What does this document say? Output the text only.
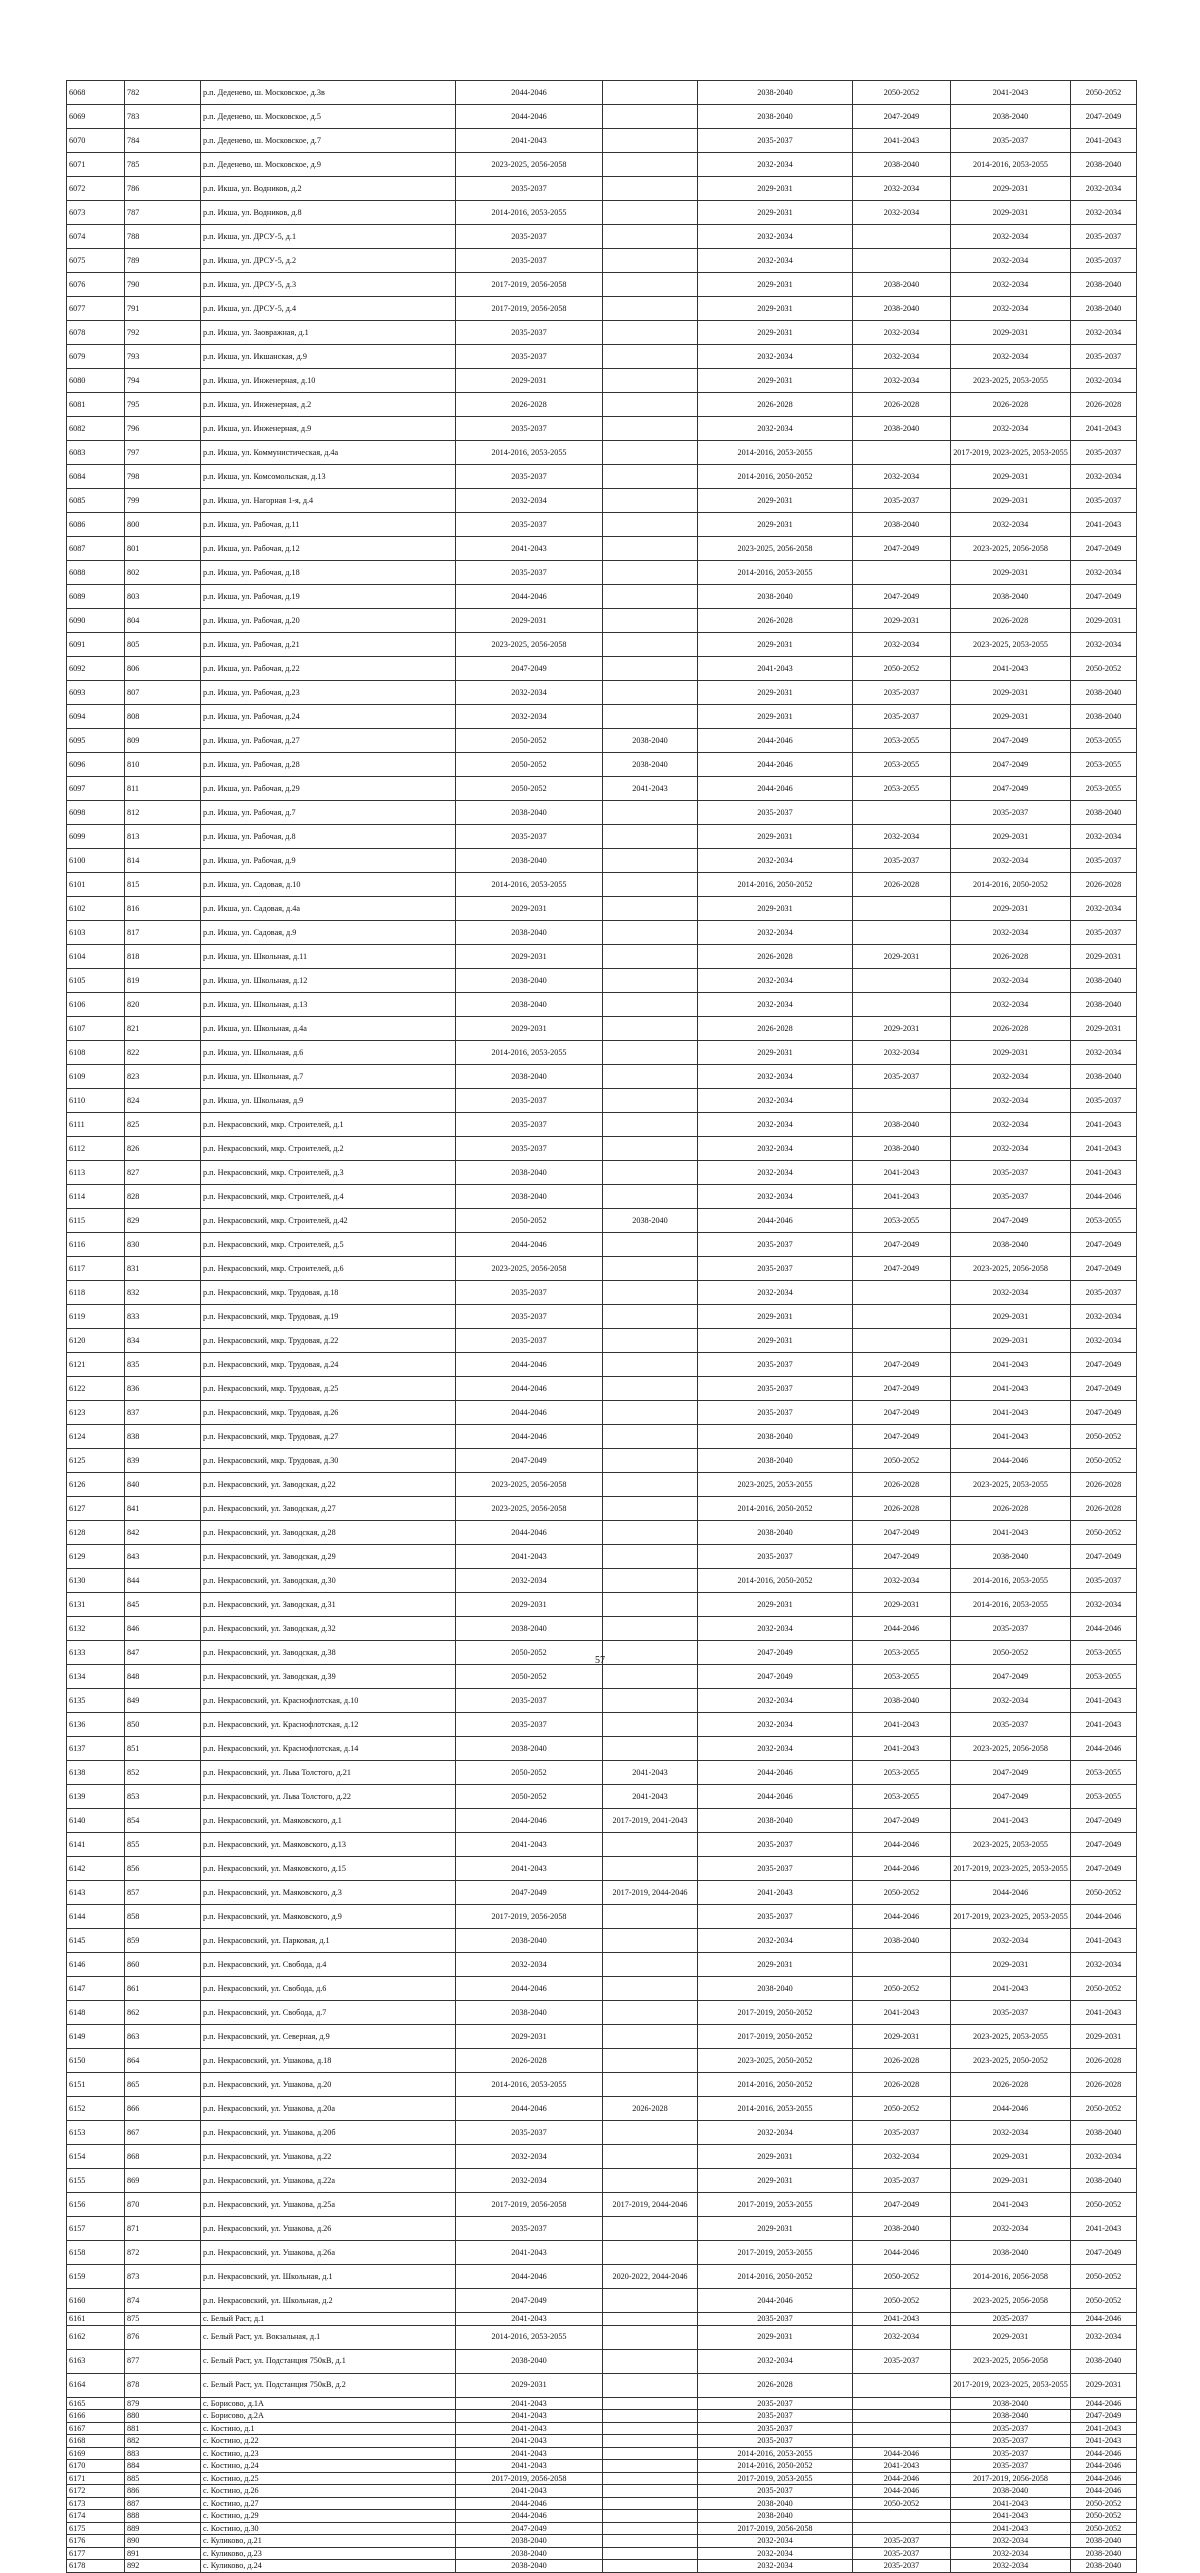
6068	782	р.п. Деденево, ш. Московское, д.3в	2044-2046		2038-2040	2050-2052	2041-2043	2050-2052
6069	783	р.п. Деденево, ш. Московское, д.5	2044-2046		2038-2040	2047-2049	2038-2040	2047-2049
6070	784	р.п. Деденево, ш. Московское, д.7	2041-2043		2035-2037	2041-2043	2035-2037	2041-2043
6071	785	р.п. Деденево, ш. Московское, д.9	2023-2025, 2056-2058		2032-2034	2038-2040	2014-2016, 2053-2055	2038-2040
6072	786	р.п. Икша, ул. Водников, д.2	2035-2037		2029-2031	2032-2034	2029-2031	2032-2034
6073	787	р.п. Икша, ул. Водников, д.8	2014-2016, 2053-2055		2029-2031	2032-2034	2029-2031	2032-2034
6074	788	р.п. Икша, ул. ДРСУ-5, д.1	2035-2037		2032-2034		2032-2034	2035-2037
6075	789	р.п. Икша, ул. ДРСУ-5, д.2	2035-2037		2032-2034		2032-2034	2035-2037
6076	790	р.п. Икша, ул. ДРСУ-5, д.3	2017-2019, 2056-2058		2029-2031	2038-2040	2032-2034	2038-2040
6077	791	р.п. Икша, ул. ДРСУ-5, д.4	2017-2019, 2056-2058		2029-2031	2038-2040	2032-2034	2038-2040
6078	792	р.п. Икша, ул. Заовражная, д.1	2035-2037		2029-2031	2032-2034	2029-2031	2032-2034
6079	793	р.п. Икша, ул. Икшанская, д.9	2035-2037		2032-2034	2032-2034	2032-2034	2035-2037
6080	794	р.п. Икша, ул. Инженерная, д.10	2029-2031		2029-2031	2032-2034	2023-2025, 2053-2055	2032-2034
6081	795	р.п. Икша, ул. Инженерная, д.2	2026-2028		2026-2028	2026-2028	2026-2028	2026-2028
6082	796	р.п. Икша, ул. Инженерная, д.9	2035-2037		2032-2034	2038-2040	2032-2034	2041-2043
6083	797	р.п. Икша, ул. Коммунистическая, д.4а	2014-2016, 2053-2055		2014-2016, 2053-2055		2017-2019, 2023-2025, 2053-2055	2035-2037
6084	798	р.п. Икша, ул. Комсомольская, д.13	2035-2037		2014-2016, 2050-2052	2032-2034	2029-2031	2032-2034
6085	799	р.п. Икша, ул. Нагорная 1-я, д.4	2032-2034		2029-2031	2035-2037	2029-2031	2035-2037
6086	800	р.п. Икша, ул. Рабочая, д.11	2035-2037		2029-2031	2038-2040	2032-2034	2041-2043
6087	801	р.п. Икша, ул. Рабочая, д.12	2041-2043		2023-2025, 2056-2058	2047-2049	2023-2025, 2056-2058	2047-2049
6088	802	р.п. Икша, ул. Рабочая, д.18	2035-2037		2014-2016, 2053-2055		2029-2031	2032-2034
6089	803	р.п. Икша, ул. Рабочая, д.19	2044-2046		2038-2040	2047-2049	2038-2040	2047-2049
6090	804	р.п. Икша, ул. Рабочая, д.20	2029-2031		2026-2028	2029-2031	2026-2028	2029-2031
6091	805	р.п. Икша, ул. Рабочая, д.21	2023-2025, 2056-2058		2029-2031	2032-2034	2023-2025, 2053-2055	2032-2034
6092	806	р.п. Икша, ул. Рабочая, д.22	2047-2049		2041-2043	2050-2052	2041-2043	2050-2052
6093	807	р.п. Икша, ул. Рабочая, д.23	2032-2034		2029-2031	2035-2037	2029-2031	2038-2040
6094	808	р.п. Икша, ул. Рабочая, д.24	2032-2034		2029-2031	2035-2037	2029-2031	2038-2040
6095	809	р.п. Икша, ул. Рабочая, д.27	2050-2052	2038-2040	2044-2046	2053-2055	2047-2049	2053-2055
6096	810	р.п. Икша, ул. Рабочая, д.28	2050-2052	2038-2040	2044-2046	2053-2055	2047-2049	2053-2055
6097	811	р.п. Икша, ул. Рабочая, д.29	2050-2052	2041-2043	2044-2046	2053-2055	2047-2049	2053-2055
6098	812	р.п. Икша, ул. Рабочая, д.7	2038-2040		2035-2037		2035-2037	2038-2040
6099	813	р.п. Икша, ул. Рабочая, д.8	2035-2037		2029-2031	2032-2034	2029-2031	2032-2034
6100	814	р.п. Икша, ул. Рабочая, д.9	2038-2040		2032-2034	2035-2037	2032-2034	2035-2037
6101	815	р.п. Икша, ул. Садовая, д.10	2014-2016, 2053-2055		2014-2016, 2050-2052	2026-2028	2014-2016, 2050-2052	2026-2028
6102	816	р.п. Икша, ул. Садовая, д.4а	2029-2031		2029-2031		2029-2031	2032-2034
6103	817	р.п. Икша, ул. Садовая, д.9	2038-2040		2032-2034		2032-2034	2035-2037
6104	818	р.п. Икша, ул. Школьная, д.11	2029-2031		2026-2028	2029-2031	2026-2028	2029-2031
6105	819	р.п. Икша, ул. Школьная, д.12	2038-2040		2032-2034		2032-2034	2038-2040
6106	820	р.п. Икша, ул. Школьная, д.13	2038-2040		2032-2034		2032-2034	2038-2040
6107	821	р.п. Икша, ул. Школьная, д.4а	2029-2031		2026-2028	2029-2031	2026-2028	2029-2031
6108	822	р.п. Икша, ул. Школьная, д.6	2014-2016, 2053-2055		2029-2031	2032-2034	2029-2031	2032-2034
6109	823	р.п. Икша, ул. Школьная, д.7	2038-2040		2032-2034	2035-2037	2032-2034	2038-2040
6110	824	р.п. Икша, ул. Школьная, д.9	2035-2037		2032-2034		2032-2034	2035-2037
6111	825	р.п. Некрасовский, мкр. Строителей, д.1	2035-2037		2032-2034	2038-2040	2032-2034	2041-2043
6112	826	р.п. Некрасовский, мкр. Строителей, д.2	2035-2037		2032-2034	2038-2040	2032-2034	2041-2043
6113	827	р.п. Некрасовский, мкр. Строителей, д.3	2038-2040		2032-2034	2041-2043	2035-2037	2041-2043
6114	828	р.п. Некрасовский, мкр. Строителей, д.4	2038-2040		2032-2034	2041-2043	2035-2037	2044-2046
6115	829	р.п. Некрасовский, мкр. Строителей, д.42	2050-2052	2038-2040	2044-2046	2053-2055	2047-2049	2053-2055
6116	830	р.п. Некрасовский, мкр. Строителей, д.5	2044-2046		2035-2037	2047-2049	2038-2040	2047-2049
6117	831	р.п. Некрасовский, мкр. Строителей, д.6	2023-2025, 2056-2058		2035-2037	2047-2049	2023-2025, 2056-2058	2047-2049
6118	832	р.п. Некрасовский, мкр. Трудовая, д.18	2035-2037		2032-2034		2032-2034	2035-2037
6119	833	р.п. Некрасовский, мкр. Трудовая, д.19	2035-2037		2029-2031		2029-2031	2032-2034
6120	834	р.п. Некрасовский, мкр. Трудовая, д.22	2035-2037		2029-2031		2029-2031	2032-2034
6121	835	р.п. Некрасовский, мкр. Трудовая, д.24	2044-2046		2035-2037	2047-2049	2041-2043	2047-2049
6122	836	р.п. Некрасовский, мкр. Трудовая, д.25	2044-2046		2035-2037	2047-2049	2041-2043	2047-2049
6123	837	р.п. Некрасовский, мкр. Трудовая, д.26	2044-2046		2035-2037	2047-2049	2041-2043	2047-2049
6124	838	р.п. Некрасовский, мкр. Трудовая, д.27	2044-2046		2038-2040	2047-2049	2041-2043	2050-2052
6125	839	р.п. Некрасовский, мкр. Трудовая, д.30	2047-2049		2038-2040	2050-2052	2044-2046	2050-2052
6126	840	р.п. Некрасовский, ул. Заводская, д.22	2023-2025, 2056-2058		2023-2025, 2053-2055	2026-2028	2023-2025, 2053-2055	2026-2028
6127	841	р.п. Некрасовский, ул. Заводская, д.27	2023-2025, 2056-2058		2014-2016, 2050-2052	2026-2028	2026-2028	2026-2028
6128	842	р.п. Некрасовский, ул. Заводская, д.28	2044-2046		2038-2040	2047-2049	2041-2043	2050-2052
6129	843	р.п. Некрасовский, ул. Заводская, д.29	2041-2043		2035-2037	2047-2049	2038-2040	2047-2049
6130	844	р.п. Некрасовский, ул. Заводская, д.30	2032-2034		2014-2016, 2050-2052	2032-2034	2014-2016, 2053-2055	2035-2037
6131	845	р.п. Некрасовский, ул. Заводская, д.31	2029-2031		2029-2031	2029-2031	2014-2016, 2053-2055	2032-2034
6132	846	р.п. Некрасовский, ул. Заводская, д.32	2038-2040		2032-2034	2044-2046	2035-2037	2044-2046
6133	847	р.п. Некрасовский, ул. Заводская, д.38	2050-2052		2047-2049	2053-2055	2050-2052	2053-2055
6134	848	р.п. Некрасовский, ул. Заводская, д.39	2050-2052		2047-2049	2053-2055	2047-2049	2053-2055
6135	849	р.п. Некрасовский, ул. Краснофлотская, д.10	2035-2037		2032-2034	2038-2040	2032-2034	2041-2043
6136	850	р.п. Некрасовский, ул. Краснофлотская, д.12	2035-2037		2032-2034	2041-2043	2035-2037	2041-2043
6137	851	р.п. Некрасовский, ул. Краснофлотская, д.14	2038-2040		2032-2034	2041-2043	2023-2025, 2056-2058	2044-2046
6138	852	р.п. Некрасовский, ул. Льва Толстого, д.21	2050-2052	2041-2043	2044-2046	2053-2055	2047-2049	2053-2055
6139	853	р.п. Некрасовский, ул. Льва Толстого, д.22	2050-2052	2041-2043	2044-2046	2053-2055	2047-2049	2053-2055
6140	854	р.п. Некрасовский, ул. Маяковского, д.1	2044-2046	2017-2019, 2041-2043	2038-2040	2047-2049	2041-2043	2047-2049
6141	855	р.п. Некрасовский, ул. Маяковского, д.13	2041-2043		2035-2037	2044-2046	2023-2025, 2053-2055	2047-2049
6142	856	р.п. Некрасовский, ул. Маяковского, д.15	2041-2043		2035-2037	2044-2046	2017-2019, 2023-2025, 2053-2055	2047-2049
6143	857	р.п. Некрасовский, ул. Маяковского, д.3	2047-2049	2017-2019, 2044-2046	2041-2043	2050-2052	2044-2046	2050-2052
6144	858	р.п. Некрасовский, ул. Маяковского, д.9	2017-2019, 2056-2058		2035-2037	2044-2046	2017-2019, 2023-2025, 2053-2055	2044-2046
6145	859	р.п. Некрасовский, ул. Парковая, д.1	2038-2040		2032-2034	2038-2040	2032-2034	2041-2043
6146	860	р.п. Некрасовский, ул. Свобода, д.4	2032-2034		2029-2031		2029-2031	2032-2034
6147	861	р.п. Некрасовский, ул. Свобода, д.6	2044-2046		2038-2040	2050-2052	2041-2043	2050-2052
6148	862	р.п. Некрасовский, ул. Свобода, д.7	2038-2040		2017-2019, 2050-2052	2041-2043	2035-2037	2041-2043
6149	863	р.п. Некрасовский, ул. Северная, д.9	2029-2031		2017-2019, 2050-2052	2029-2031	2023-2025, 2053-2055	2029-2031
6150	864	р.п. Некрасовский, ул. Ушакова, д.18	2026-2028		2023-2025, 2050-2052	2026-2028	2023-2025, 2050-2052	2026-2028
6151	865	р.п. Некрасовский, ул. Ушакова, д.20	2014-2016, 2053-2055		2014-2016, 2050-2052	2026-2028	2026-2028	2026-2028
6152	866	р.п. Некрасовский, ул. Ушакова, д.20а	2044-2046	2026-2028	2014-2016, 2053-2055	2050-2052	2044-2046	2050-2052
6153	867	р.п. Некрасовский, ул. Ушакова, д.20б	2035-2037		2032-2034	2035-2037	2032-2034	2038-2040
6154	868	р.п. Некрасовский, ул. Ушакова, д.22	2032-2034		2029-2031	2032-2034	2029-2031	2032-2034
6155	869	р.п. Некрасовский, ул. Ушакова, д.22а	2032-2034		2029-2031	2035-2037	2029-2031	2038-2040
6156	870	р.п. Некрасовский, ул. Ушакова, д.25а	2017-2019, 2056-2058	2017-2019, 2044-2046	2017-2019, 2053-2055	2047-2049	2041-2043	2050-2052
6157	871	р.п. Некрасовский, ул. Ушакова, д.26	2035-2037		2029-2031	2038-2040	2032-2034	2041-2043
6158	872	р.п. Некрасовский, ул. Ушакова, д.26а	2041-2043		2017-2019, 2053-2055	2044-2046	2038-2040	2047-2049
6159	873	р.п. Некрасовский, ул. Школьная, д.1	2044-2046	2020-2022, 2044-2046	2014-2016, 2050-2052	2050-2052	2014-2016, 2056-2058	2050-2052
6160	874	р.п. Некрасовский, ул. Школьная, д.2	2047-2049		2044-2046	2050-2052	2023-2025, 2056-2058	2050-2052
6161	875	с. Белый Раст, д.1	2041-2043		2035-2037	2041-2043	2035-2037	2044-2046
6162	876	с. Белый Раст, ул. Вокзальная, д.1	2014-2016, 2053-2055		2029-2031	2032-2034	2029-2031	2032-2034
6163	877	с. Белый Раст, ул. Подстанция 750кВ, д.1	2038-2040		2032-2034	2035-2037	2023-2025, 2056-2058	2038-2040
6164	878	с. Белый Раст, ул. Подстанция 750кВ, д.2	2029-2031		2026-2028		2017-2019, 2023-2025, 2053-2055	2029-2031
6165	879	с. Борисово, д.1А	2041-2043		2035-2037		2038-2040	2044-2046
6166	880	с. Борисово, д.2А	2041-2043		2035-2037		2038-2040	2047-2049
6167	881	с. Костино, д.1	2041-2043		2035-2037		2035-2037	2041-2043
6168	882	с. Костино, д.22	2041-2043		2035-2037		2035-2037	2041-2043
6169	883	с. Костино, д.23	2041-2043		2014-2016, 2053-2055	2044-2046	2035-2037	2044-2046
6170	884	с. Костино, д.24	2041-2043		2014-2016, 2050-2052	2041-2043	2035-2037	2044-2046
6171	885	с. Костино, д.25	2017-2019, 2056-2058		2017-2019, 2053-2055	2044-2046	2017-2019, 2056-2058	2044-2046
6172	886	с. Костино, д.26	2041-2043		2035-2037	2044-2046	2038-2040	2044-2046
6173	887	с. Костино, д.27	2044-2046		2038-2040	2050-2052	2041-2043	2050-2052
6174	888	с. Костино, д.29	2044-2046		2038-2040		2041-2043	2050-2052
6175	889	с. Костино, д.30	2047-2049		2017-2019, 2056-2058		2041-2043	2050-2052
6176	890	с. Куликово, д.21	2038-2040		2032-2034	2035-2037	2032-2034	2038-2040
6177	891	с. Куликово, д.23	2038-2040		2032-2034	2035-2037	2032-2034	2038-2040
6178	892	с. Куликово, д.24	2038-2040		2032-2034	2035-2037	2032-2034	2038-2040
57
